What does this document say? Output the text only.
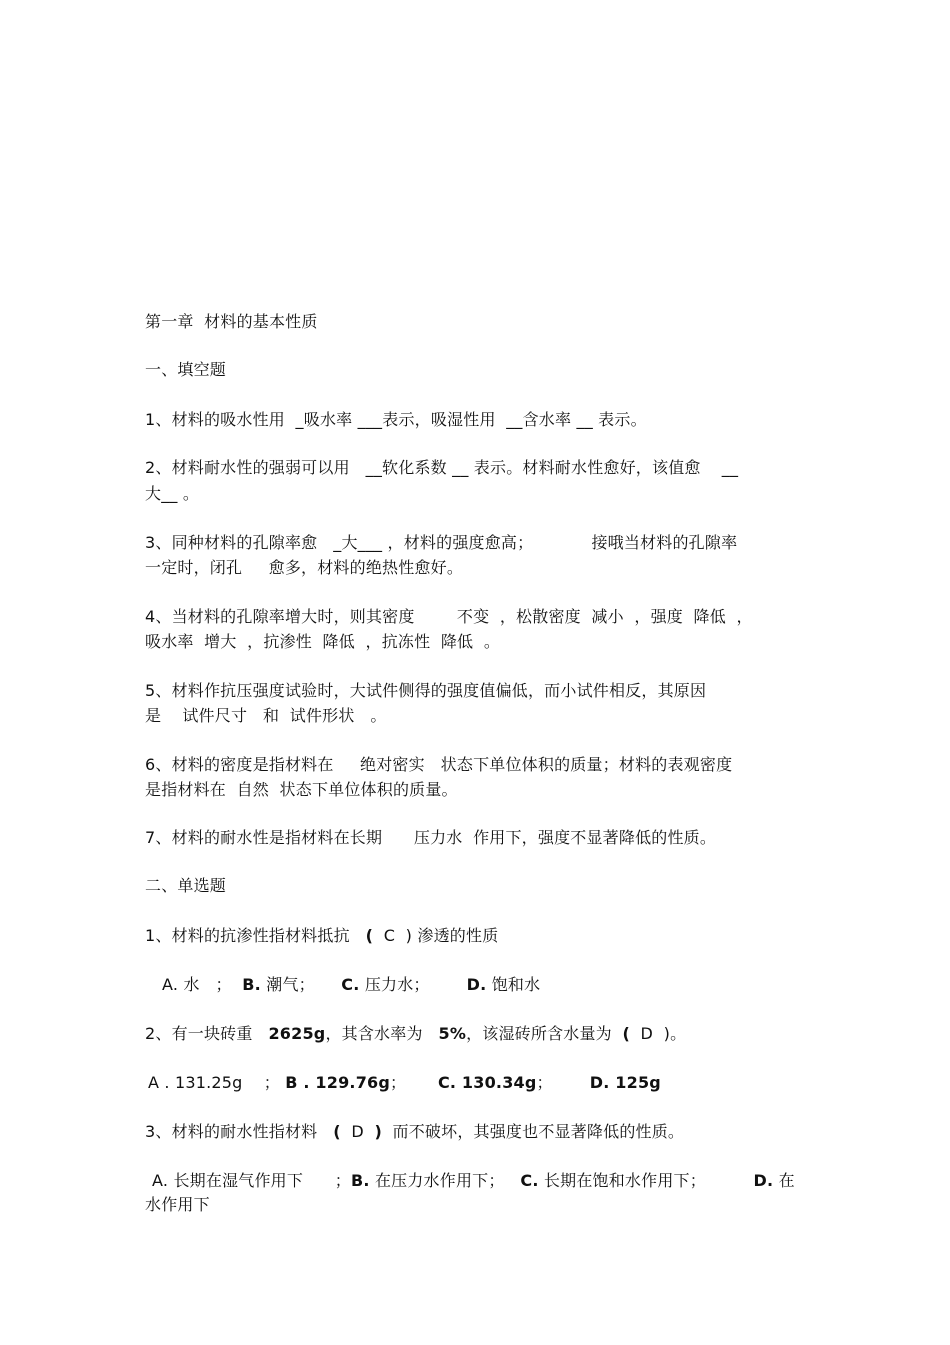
第一章  材料的基本性质
一、填空题
1、材料的吸水性用  _吸水率 ___表示，吸湿性用  __含水率 __ 表示。
2、材料耐水性的强弱可以用   __软化系数 __ 表示。材料耐水性愈好，该值愈    __
大__ 。
3、同种材料的孔隙率愈   _大___ ，材料的强度愈高；           接哦当材料的孔隙率
一定时，闭孔     愈多，材料的绝热性愈好。
4、当材料的孔隙率增大时，则其密度        不变  ，松散密度  减小  ，强度  降低  ，
吸水率  增大  ，抗渗性  降低  ，抗冻性  降低  。
5、材料作抗压强度试验时，大试件侧得的强度值偏低，而小试件相反，其原因
是    试件尺寸   和  试件形状   。
6、材料的密度是指材料在     绝对密实   状态下单位体积的质量；材料的表观密度
是指材料在  自然  状态下单位体积的质量。
7、材料的耐水性是指材料在长期      压力水  作用下，强度不显著降低的性质。
二、单选题
1、材料的抗渗性指材料抵抗   (  C  ) 渗透的性质
A. 水   ； B. 潮气； C. 压力水； D. 饱和水
2、有一块砖重   2625g，其含水率为   5%，该湿砖所含水量为  (  D  )。
A . 131.25g    ； B . 129.76g； C. 130.34g； D. 125g
3、材料的耐水性指材料   (  D  )  而不破坏，其强度也不显著降低的性质。
A. 长期在湿气作用下      ；B. 在压力水作用下；   C. 长期在饱和水作用下；         D. 在
水作用下
